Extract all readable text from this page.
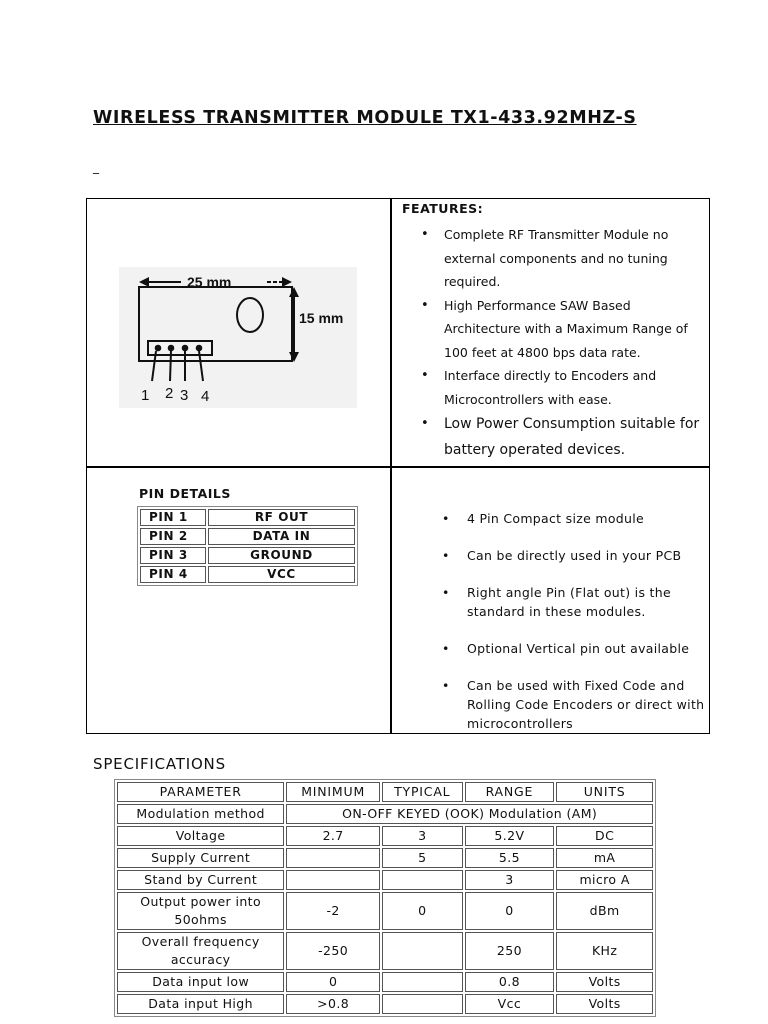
WIRELESS TRANSMITTER MODULE TX1-433.92MHZ-S
_
25 mm
15 mm
1 2 3 4
FEATURES:
• Complete RF Transmitter Module no external components and no tuning required.
• High Performance SAW Based Architecture with a Maximum Range of 100 feet at 4800 bps data rate.
• Interface directly to Encoders and Microcontrollers with ease.
• Low Power Consumption suitable for battery operated devices.
PIN DETAILS
PIN 1	RF OUT
PIN 2	DATA IN
PIN 3	GROUND
PIN 4	VCC
• 4 Pin Compact size module
• Can be directly used in your PCB
• Right angle Pin (Flat out) is the standard in these modules.
• Optional Vertical pin out available
• Can be used with Fixed Code and Rolling Code Encoders or direct with microcontrollers
SPECIFICATIONS
PARAMETER	MINIMUM	TYPICAL	RANGE	UNITS
Modulation method	ON-OFF KEYED (OOK) Modulation (AM)			
Voltage	2.7	3	5.2V	DC
Supply Current		5	5.5	mA
Stand by Current			3	micro A
Output power into 50ohms	-2	0	0	dBm
Overall frequency accuracy	-250		250	KHz
Data input low	0		0.8	Volts
Data input High	>0.8		Vcc	Volts
